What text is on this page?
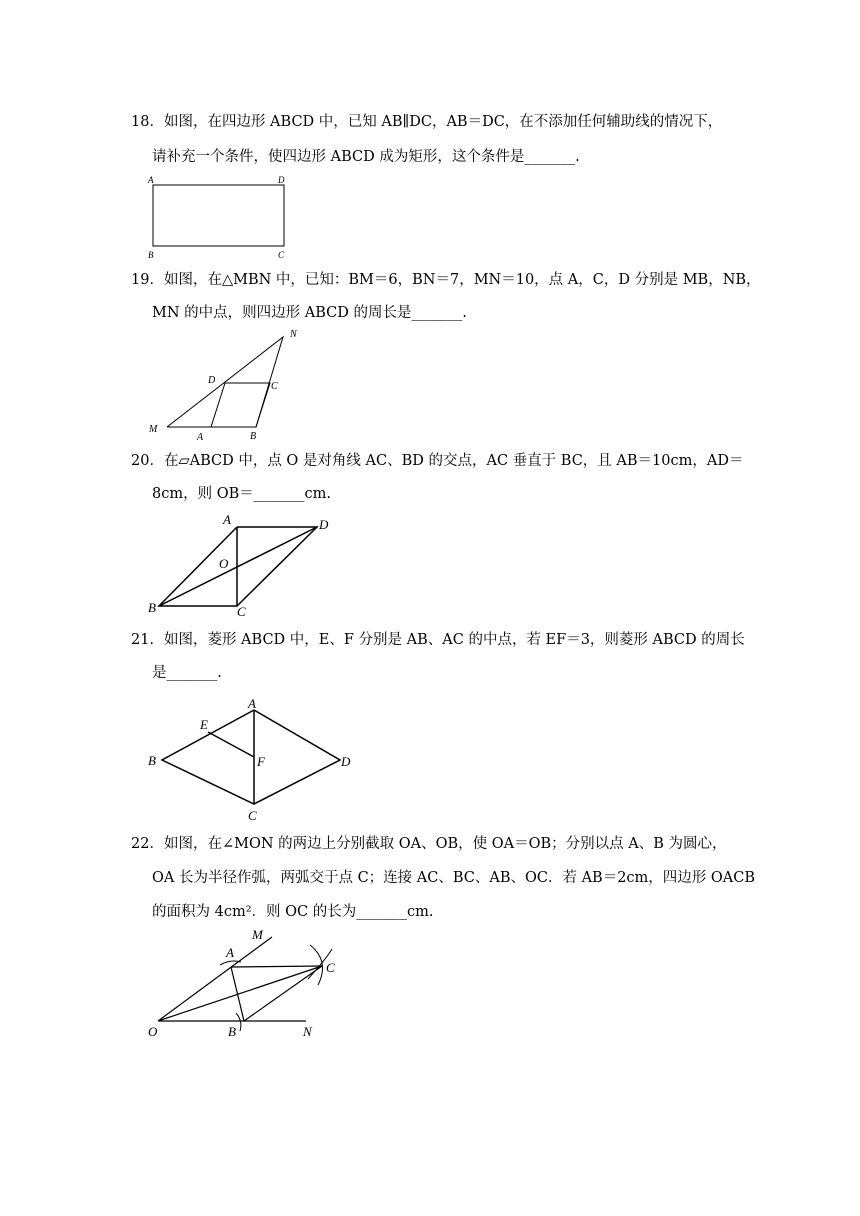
18．如图，在四边形 ABCD 中，已知 AB∥DC，AB＝DC，在不添加任何辅助线的情况下，
请补充一个条件，使四边形 ABCD 成为矩形，这个条件是_______.
A	D
B	C
19．如图，在△MBN 中，已知：BM＝6，BN＝7，MN＝10，点 A，C，D 分别是 MB，NB，
MN 的中点，则四边形 ABCD 的周长是_______.
N
D
C
M
A	B
20．在▱ABCD 中，点 O 是对角线 AC、BD 的交点，AC 垂直于 BC，且 AB＝10cm，AD＝
8cm，则 OB＝_______cm.
A	D
O
B	C
21．如图，菱形 ABCD 中，E、F 分别是 AB、AC 的中点，若 EF＝3，则菱形 ABCD 的周长
是_______.
A
E
B	F	D
C
22．如图，在∠MON 的两边上分别截取 OA、OB，使 OA＝OB；分别以点 A、B 为圆心，
OA 长为半径作弧，两弧交于点 C；连接 AC、BC、AB、OC．若 AB＝2cm，四边形 OACB
的面积为 4cm²．则 OC 的长为_______cm.
M
A
C
O	B	N
